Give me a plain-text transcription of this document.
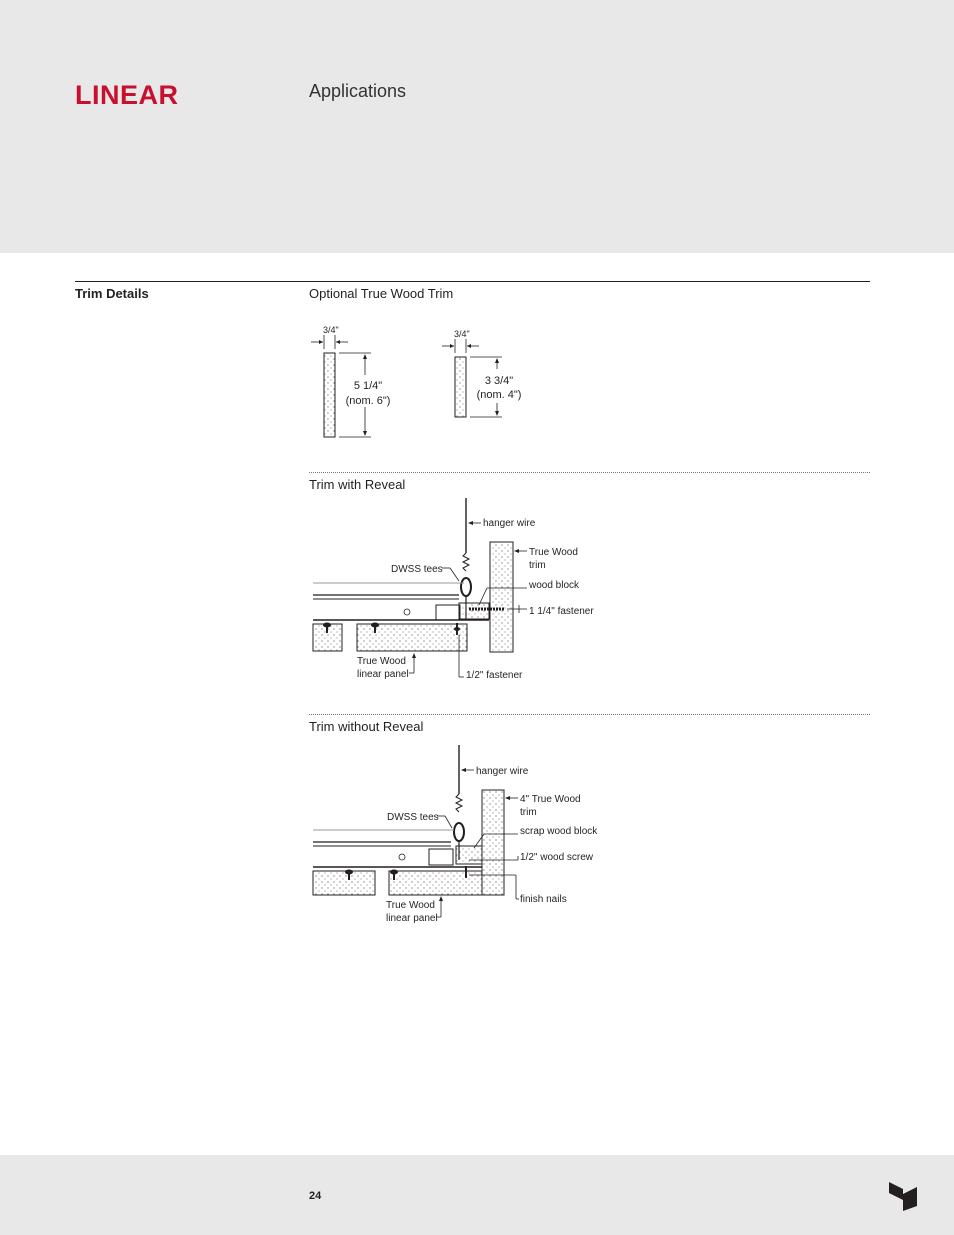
LINEAR	Applications
Trim Details	Optional True Wood Trim
3/4"
5 1/4"
(nom. 6")
3/4"
3 3/4"
(nom. 4")
Trim with Reveal
hanger wire
True Wood
trim
wood block
DWSS tees
1 1/4" fastener
True Wood
linear panel	1/2" fastener
Trim without Reveal
hanger wire
4" True Wood
trim
scrap wood block
DWSS tees
1/2" wood screw
finish nails
True Wood
linear panel
24
